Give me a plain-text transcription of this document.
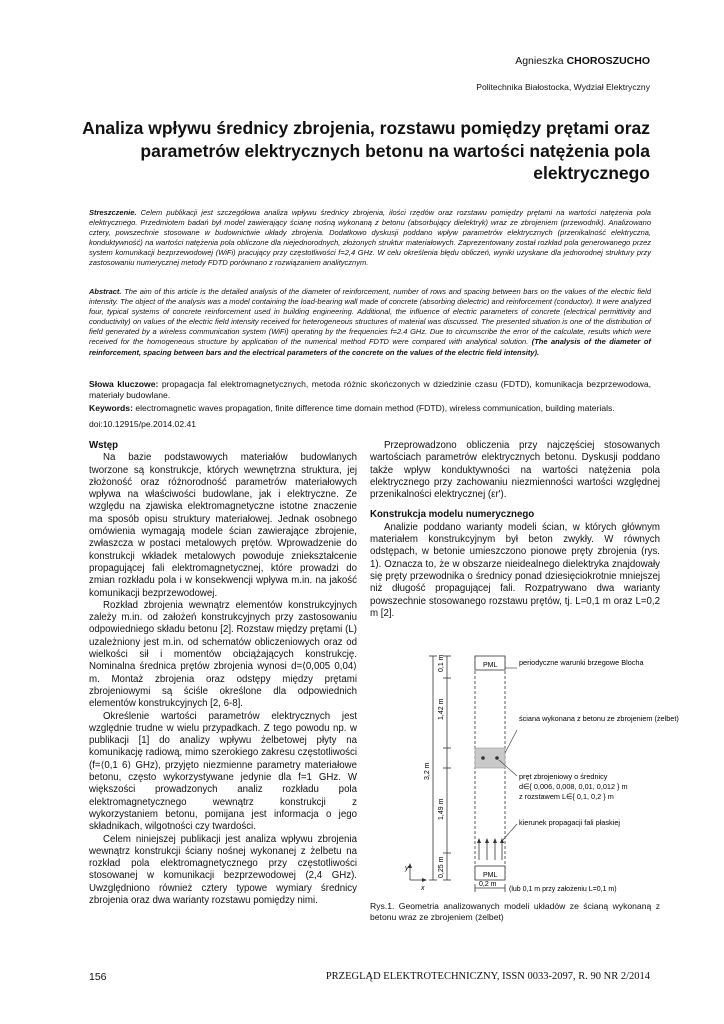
Agnieszka CHOROSZUCHO
Politechnika Białostocka, Wydział Elektryczny
Analiza wpływu średnicy zbrojenia, rozstawu pomiędzy prętami oraz parametrów elektrycznych betonu na wartości natężenia pola elektrycznego
Streszczenie. Celem publikacji jest szczegółowa analiza wpływu średnicy zbrojenia, ilości rzędów oraz rozstawu pomiędzy prętami na wartości natężenia pola elektrycznego. Przedmiotem badań był model zawierający ścianę nośną wykonaną z betonu (absorbujący dielektryk) wraz ze zbrojeniem (przewodnik). Analizowano cztery, powszechnie stosowane w budownictwie układy zbrojenia. Dodatkowo dyskusji poddano wpływ parametrów elektrycznych (przenikalność elektryczna, konduktywność) na wartości natężenia pola obliczone dla niejednorodnych, złożonych struktur materiałowych. Zaprezentowany został rozkład pola generowanego przez system komunikacji bezprzewodowej (WiFi) pracujący przy częstotliwości f=2,4 GHz. W celu określenia błędu obliczeń, wyniki uzyskane dla jednorodnej struktury przy zastosowaniu numerycznej metody FDTD porównano z rozwiązaniem analitycznym.
Abstract. The aim of this article is the detailed analysis of the diameter of reinforcement, number of rows and spacing between bars on the values of the electric field intensity. The object of the analysis was a model containing the load-bearing wall made of concrete (absorbing dielectric) and reinforcement (conductor). It were analyzed four, typical systems of concrete reinforcement used in building engineering. Additional, the influence of electric parameters of concrete (electrical permittivity and conductivity) on values of the electric field intensity received for heterogeneous structures of material was discussed. The presented situation is one of the distribution of field generated by a wireless communication system (WiFi) operating by the frequencies f=2.4 GHz. Due to circumscribe the error of the calculate, results which were received for the homogeneous structure by application of the numerical method FDTD were compared with analytical solution. (The analysis of the diameter of reinforcement, spacing between bars and the electrical parameters of the concrete on the values of the electric field intensity).
Słowa kluczowe: propagacja fal elektromagnetycznych, metoda różnic skończonych w dziedzinie czasu (FDTD), komunikacja bezprzewodowa, materiały budowlane.
Keywords: electromagnetic waves propagation, finite difference time domain method (FDTD), wireless communication, building materials.
doi:10.12915/pe.2014.02.41
Wstęp

Na bazie podstawowych materiałów budowlanych tworzone są konstrukcje, których wewnętrzna struktura, jej złożoność oraz różnorodność parametrów materiałowych wpływa na właściwości budowlane, jak i elektryczne. Ze względu na zjawiska elektromagnetyczne istotne znaczenie ma sposób opisu struktury materiałowej. Jednak osobnego omówienia wymagają modele ścian zawierające zbrojenie, zwłaszcza w postaci metalowych prętów. Wprowadzenie do konstrukcji wkładek metalowych powoduje zniekształcenie propagującej fali elektromagnetycznej, które prowadzi do zmian rozkładu pola i w konsekwencji wpływa m.in. na jakość komunikacji bezprzewodowej.

Rozkład zbrojenia wewnątrz elementów konstrukcyjnych zależy m.in. od założeń konstrukcyjnych przy zastosowaniu odpowiedniego składu betonu [2]. Rozstaw między prętami (L) uzależniony jest m.in. od schematów obliczeniowych oraz od wielkości sił i momentów obciążających konstrukcję. Nominalna średnica prętów zbrojenia wynosi d=⟨0,005 0,04⟩ m. Montaż zbrojenia oraz odstępy między prętami zbrojeniowymi są ściśle określone dla odpowiednich elementów konstrukcyjnych [2, 6-8].

Określenie wartości parametrów elektrycznych jest względnie trudne w wielu przypadkach. Z tego powodu np. w publikacji [1] do analizy wpływu żelbetowej płyty na komunikację radiową, mimo szerokiego zakresu częstotliwości (f=⟨0,1 6⟩ GHz), przyjęto niezmienne parametry materiałowe betonu, często wykorzystywane jedynie dla f=1 GHz. W większości prowadzonych analiz rozkładu pola elektromagnetycznego wewnątrz konstrukcji z wykorzystaniem betonu, pomijana jest informacja o jego składnikach, wilgotności czy twardości.

Celem niniejszej publikacji jest analiza wpływu zbrojenia wewnątrz konstrukcji ściany nośnej wykonanej z żelbetu na rozkład pola elektromagnetycznego przy częstotliwości stosowanej w komunikacji bezprzewodowej (2,4 GHz). Uwzględniono również cztery typowe wymiary średnicy zbrojenia oraz dwa warianty rozstawu pomiędzy nimi.

Przeprowadzono obliczenia przy najczęściej stosowanych wartościach parametrów elektrycznych betonu. Dyskusji poddano także wpływ konduktywności na wartości natężenia pola elektrycznego przy zachowaniu niezmienności wartości względnej przenikalności elektrycznej (εr').

Konstrukcja modelu numerycznego

Analizie poddano warianty modeli ścian, w których głównym materiałem konstrukcyjnym był beton zwykły. W równych odstępach, w betonie umieszczono pionowe pręty zbrojenia (rys. 1). Oznacza to, że w obszarze nieidealnego dielektryka znajdowały się pręty przewodnika o średnicy ponad dziesięciokrotnie mniejszej niż długość propagującej fali. Rozpatrywano dwa warianty powszechnie stosowanego rozstawu prętów, tj. L=0,1 m oraz L=0,2 m [2].

0,1 m
1,42 m
3,2 m
1,49 m
0,25 m
PML
PML
periodyczne warunki brzegowe Blocha
ściana wykonana z betonu ze zbrojeniem (żelbet)
pręt zbrojeniowy o średnicy
d∈{ 0,006, 0,008, 0,01, 0,012 } m
z rozstawem L∈{ 0,1, 0,2 } m
kierunek propagacji fali płaskiej
y
x
0,2 m
(lub 0,1 m przy założeniu L=0,1 m)
Rys.1. Geometria analizowanych modeli układów ze ścianą wykonaną z betonu wraz ze zbrojeniem (żelbet)
156	PRZEGLĄD ELEKTROTECHNICZNY, ISSN 0033-2097, R. 90 NR 2/2014
